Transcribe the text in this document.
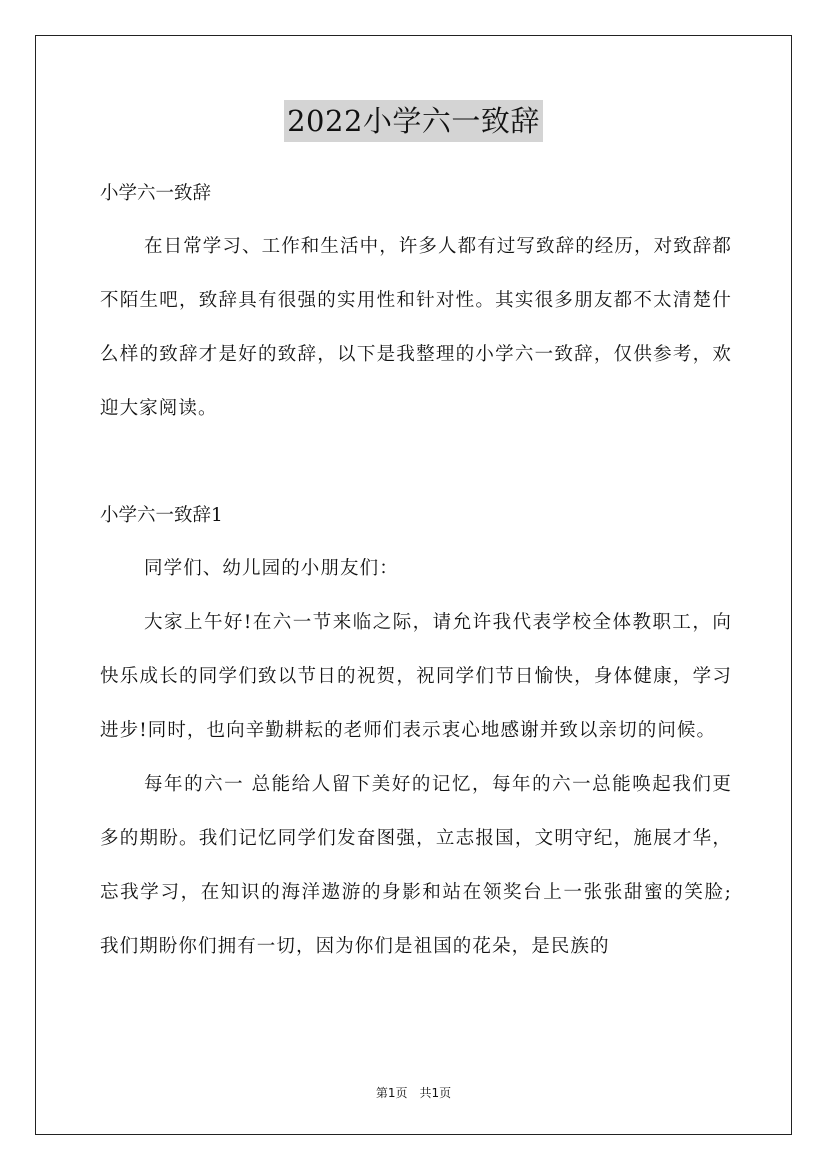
2022小学六一致辞

小学六一致辞

在日常学习、工作和生活中，许多人都有过写致辞的经历，对致辞都不陌生吧，致辞具有很强的实用性和针对性。其实很多朋友都不太清楚什么样的致辞才是好的致辞，以下是我整理的小学六一致辞，仅供参考，欢迎大家阅读。

小学六一致辞1

同学们、幼儿园的小朋友们：

大家上午好!在六一节来临之际，请允许我代表学校全体教职工，向快乐成长的同学们致以节日的祝贺，祝同学们节日愉快，身体健康，学习进步!同时，也向辛勤耕耘的老师们表示衷心地感谢并致以亲切的问候。

每年的六一 总能给人留下美好的记忆，每年的六一总能唤起我们更多的期盼。我们记忆同学们发奋图强，立志报国，文明守纪，施展才华，忘我学习，在知识的海洋遨游的身影和站在领奖台上一张张甜蜜的笑脸;我们期盼你们拥有一切，因为你们是祖国的花朵，是民族的

第1页　共1页
